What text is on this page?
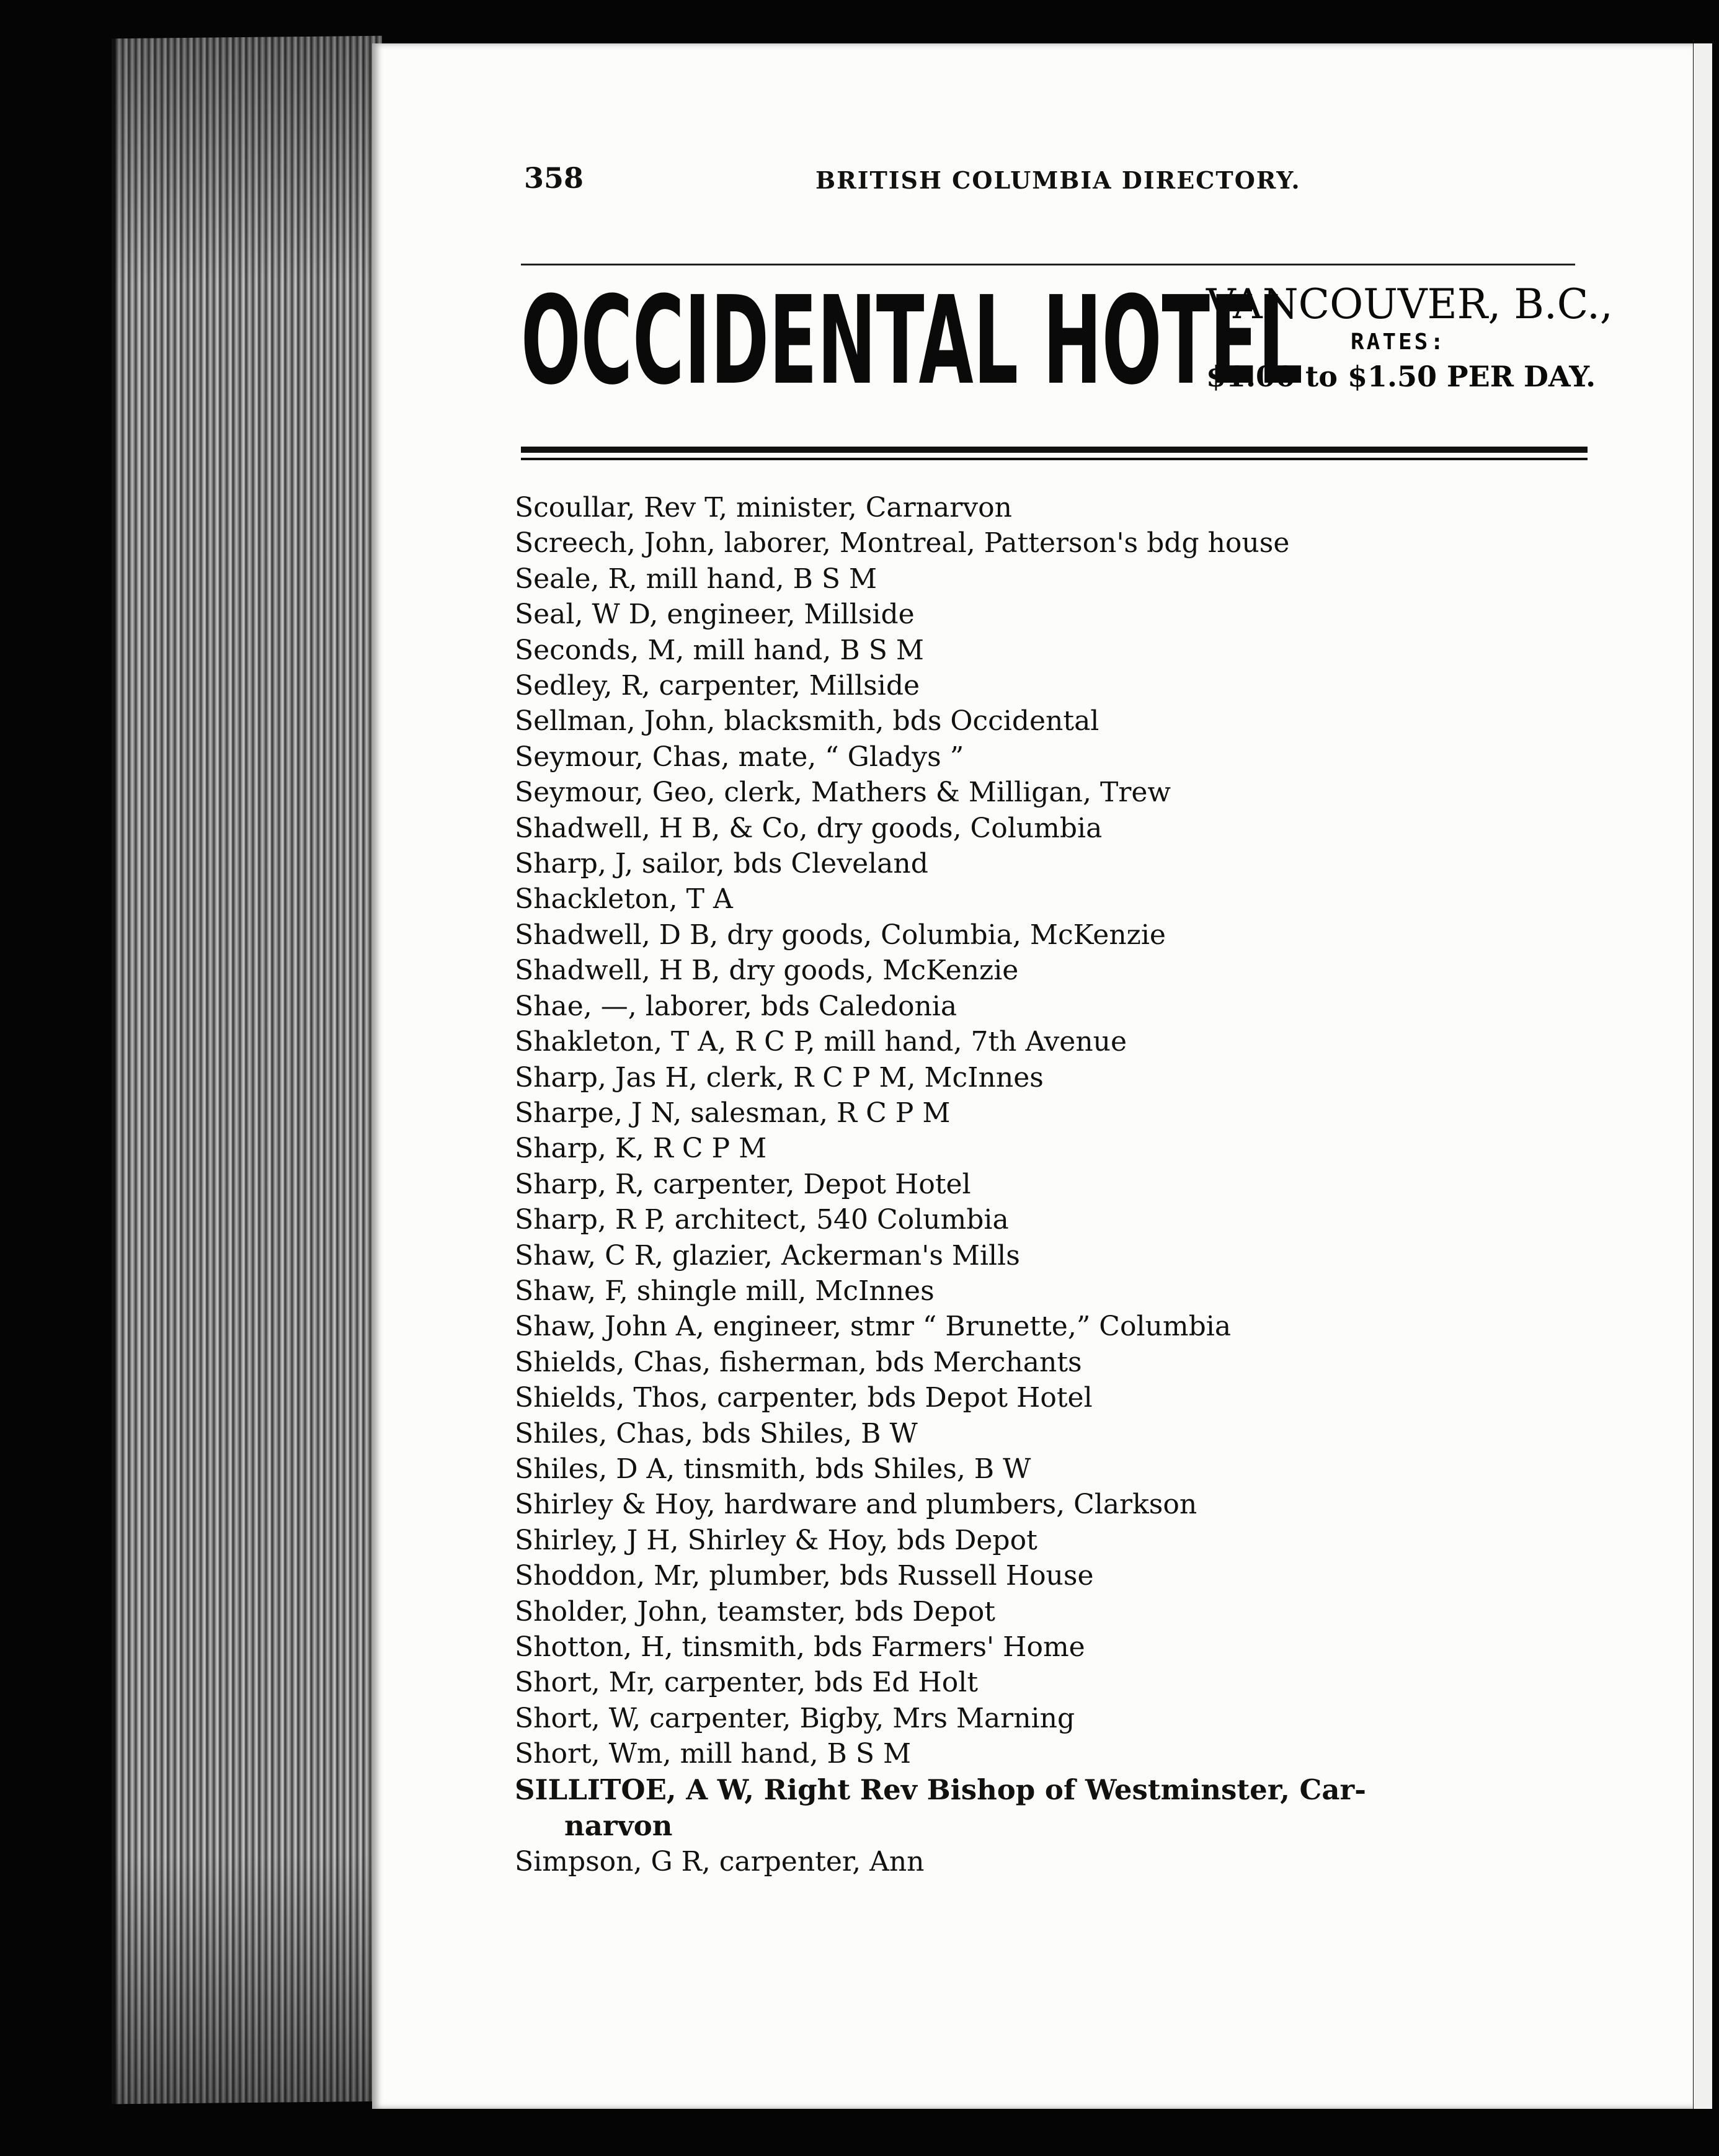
358	BRITISH COLUMBIA DIRECTORY.
OCCIDENTAL HOTEL
VANCOUVER, B.C.,
RATES:
$1.00 to $1.50 PER DAY.
Scoullar, Rev T, minister, Carnarvon
Screech, John, laborer, Montreal, Patterson's bdg house
Seale, R, mill hand, B S M
Seal, W D, engineer, Millside
Seconds, M, mill hand, B S M
Sedley, R, carpenter, Millside
Sellman, John, blacksmith, bds Occidental
Seymour, Chas, mate, “ Gladys ”
Seymour, Geo, clerk, Mathers & Milligan, Trew
Shadwell, H B, & Co, dry goods, Columbia
Sharp, J, sailor, bds Cleveland
Shackleton, T A
Shadwell, D B, dry goods, Columbia, McKenzie
Shadwell, H B, dry goods, McKenzie
Shae, —, laborer, bds Caledonia
Shakleton, T A, R C P, mill hand, 7th Avenue
Sharp, Jas H, clerk, R C P M, McInnes
Sharpe, J N, salesman, R C P M
Sharp, K, R C P M
Sharp, R, carpenter, Depot Hotel
Sharp, R P, architect, 540 Columbia
Shaw, C R, glazier, Ackerman's Mills
Shaw, F, shingle mill, McInnes
Shaw, John A, engineer, stmr “ Brunette,” Columbia
Shields, Chas, fisherman, bds Merchants
Shields, Thos, carpenter, bds Depot Hotel
Shiles, Chas, bds Shiles, B W
Shiles, D A, tinsmith, bds Shiles, B W
Shirley & Hoy, hardware and plumbers, Clarkson
Shirley, J H, Shirley & Hoy, bds Depot
Shoddon, Mr, plumber, bds Russell House
Sholder, John, teamster, bds Depot
Shotton, H, tinsmith, bds Farmers' Home
Short, Mr, carpenter, bds Ed Holt
Short, W, carpenter, Bigby, Mrs Marning
Short, Wm, mill hand, B S M
SILLITOE, A W, Right Rev Bishop of Westminster, Car-
narvon
Simpson, G R, carpenter, Ann
